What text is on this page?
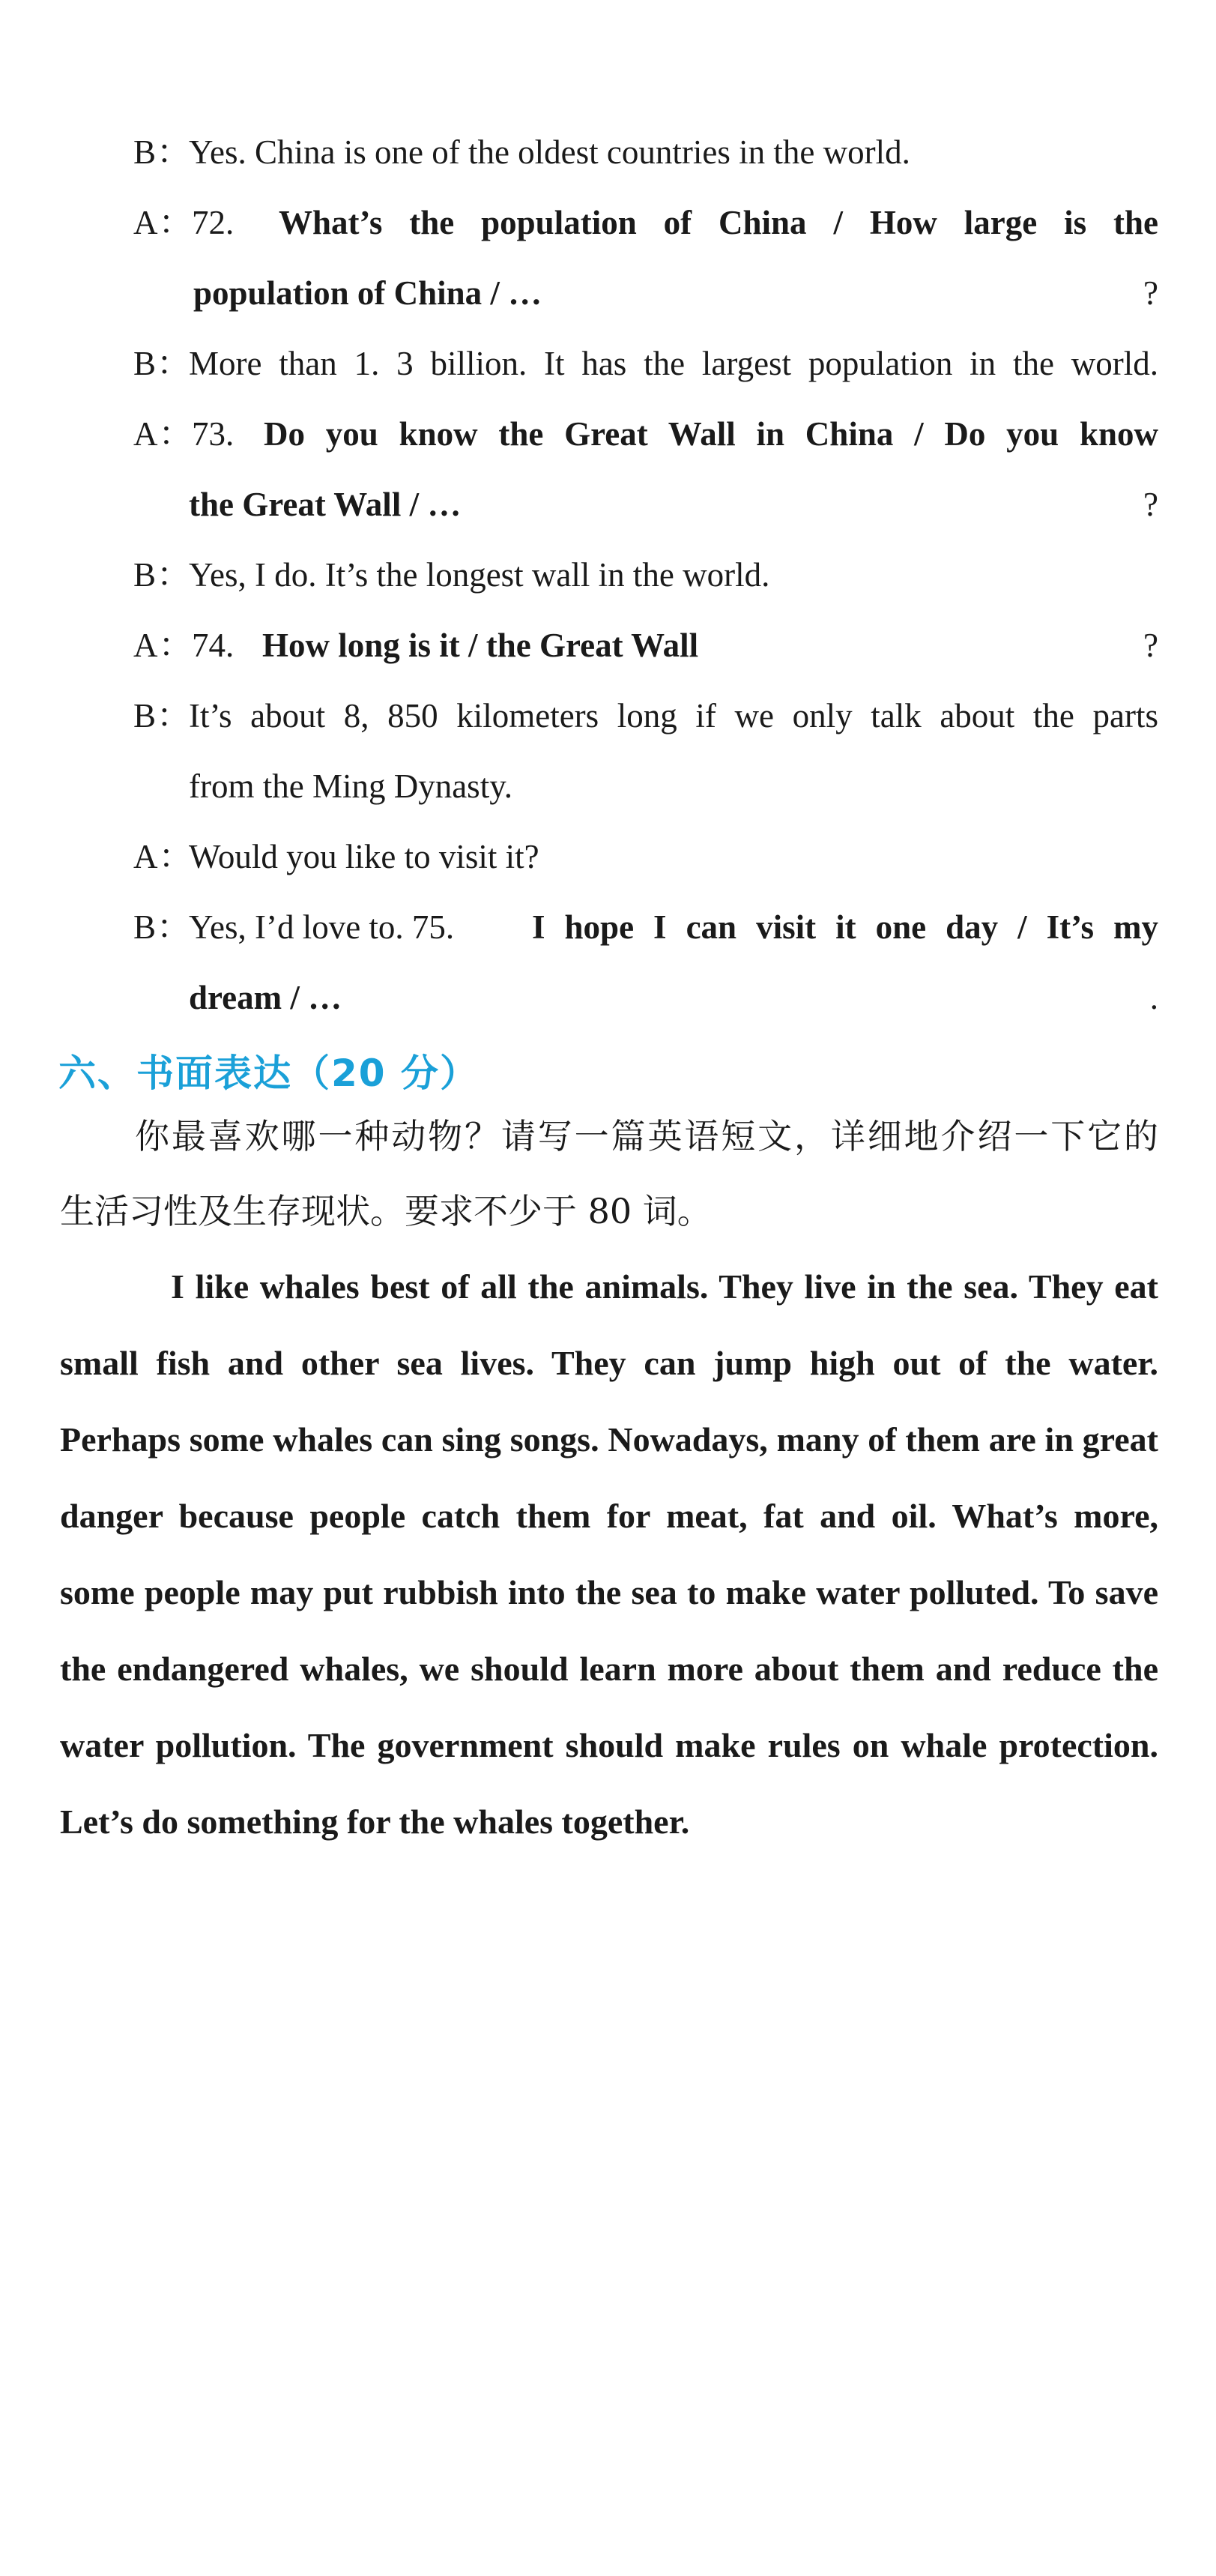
B：
Yes. China is one of the oldest countries in the world.
A：
72. What’s the population of China / How large is the
population of China / …	?
B：
More than 1. 3 billion. It has the largest population in the world.
A：
73. Do you know the Great Wall in China / Do you know
the Great Wall / …	?
B：
Yes, I do. It’s the longest wall in the world.
A：
74. How long is it / the Great Wall	?
B：
It’s about 8, 850 kilometers long if we only talk about the parts
from the Ming Dynasty.
A：
Would you like to visit it?
B：
Yes, I’d love to. 75. I hope I can visit it one day / It’s my
dream / …	.
六、书面表达（20 分）
你最喜欢哪一种动物？请写一篇英语短文，详细地介绍一下它的
生活习性及生存现状。要求不少于 80 词。
I like whales best of all the animals. They live in the sea. They eat small fish and other sea lives. They can jump high out of the water. Perhaps some whales can sing songs. Nowadays, many of them are in great danger because people catch them for meat, fat and oil. What’s more, some people may put rubbish into the sea to make water polluted. To save the endangered whales, we should learn more about them and reduce the water pollution. The government should make rules on whale protection. Let’s do something for the whales together.
